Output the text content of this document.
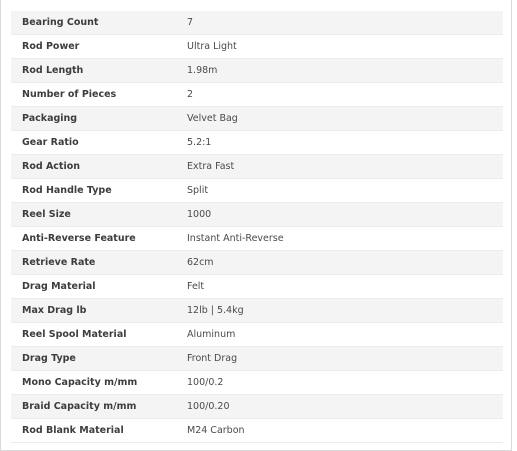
Bearing Count	7
Rod Power	Ultra Light
Rod Length	1.98m
Number of Pieces	2
Packaging	Velvet Bag
Gear Ratio	5.2:1
Rod Action	Extra Fast
Rod Handle Type	Split
Reel Size	1000
Anti-Reverse Feature	Instant Anti-Reverse
Retrieve Rate	62cm
Drag Material	Felt
Max Drag lb	12lb | 5.4kg
Reel Spool Material	Aluminum
Drag Type	Front Drag
Mono Capacity m/mm	100/0.2
Braid Capacity m/mm	100/0.20
Rod Blank Material	M24 Carbon
